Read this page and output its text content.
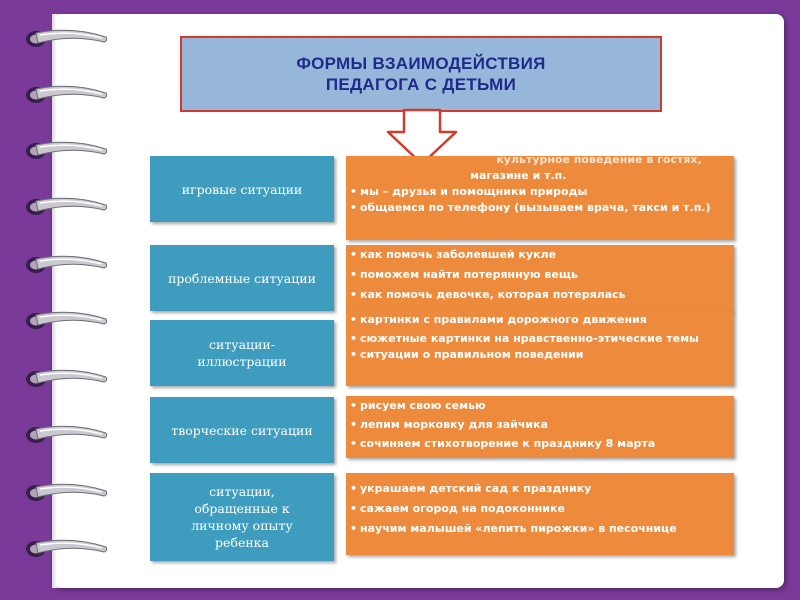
ФОРМЫ ВЗАИМОДЕЙСТВИЯ
ПЕДАГОГА С ДЕТЬМИ
игровые ситуации
культурное поведение в гостях,
магазине и т.п.
• мы – друзья и помощники природы
• общаемся по телефону (вызываем врача, такси и т.п.)
проблемные ситуации
• как помочь заболевшей кукле
• поможем найти потерянную вещь
• как помочь девочке, которая потерялась
ситуации-иллюстрации
• картинки с правилами дорожного движения
• сюжетные картинки на нравственно-этические темы
• ситуации о правильном поведении
творческие ситуации
• рисуем свою семью
• лепим морковку для зайчика
• сочиняем стихотворение к празднику 8 марта
ситуации, обращенные к личному опыту ребенка
• украшаем детский сад к празднику
• сажаем огород на подоконнике
• научим малышей «лепить пирожки» в песочнице
